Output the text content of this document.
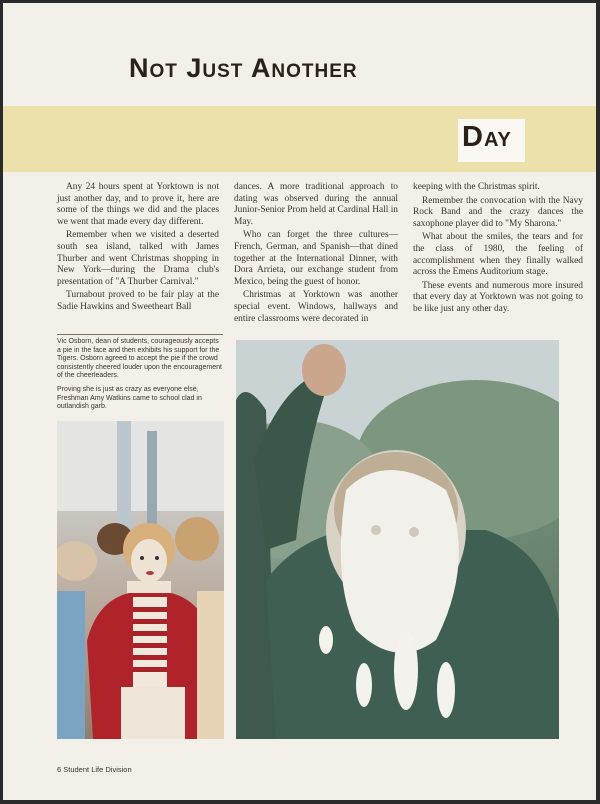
Not Just Another
Day

Any 24 hours spent at Yorktown is not just another day, and to prove it, here are some of the things we did and the places we went that made every day different.

Remember when we visited a deserted south sea island, talked with James Thurber and went Christmas shopping in New York—during the Drama club's presentation of "A Thurber Carnival."

Turnabout proved to be fair play at the Sadie Hawkins and Sweetheart Ball

dances. A more traditional approach to dating was observed during the annual Junior-Senior Prom held at Cardinal Hall in May.

Who can forget the three cultures—French, German, and Spanish—that dined together at the International Dinner, with Dora Arrieta, our exchange student from Mexico, being the guest of honor.

Christmas at Yorktown was another special event. Windows, hallways and entire classrooms were decorated in

keeping with the Christmas spirit.

Remember the convocation with the Navy Rock Band and the crazy dances the saxophone player did to "My Sharona."

What about the smiles, the tears and for the class of 1980, the feeling of accomplishment when they finally walked across the Emens Auditorium stage.

These events and numerous more insured that every day at Yorktown was not going to be like just any other day.

Vic Osborn, dean of students, courageously accepts a pie in the face and then exhibits his support for the Tigers. Osborn agreed to accept the pie if the crowd consistently cheered louder upon the encouragement of the cheerleaders.
Proving she is just as crazy as everyone else, Freshman Amy Watkins came to school clad in outlandish garb.
6 Student Life Division
